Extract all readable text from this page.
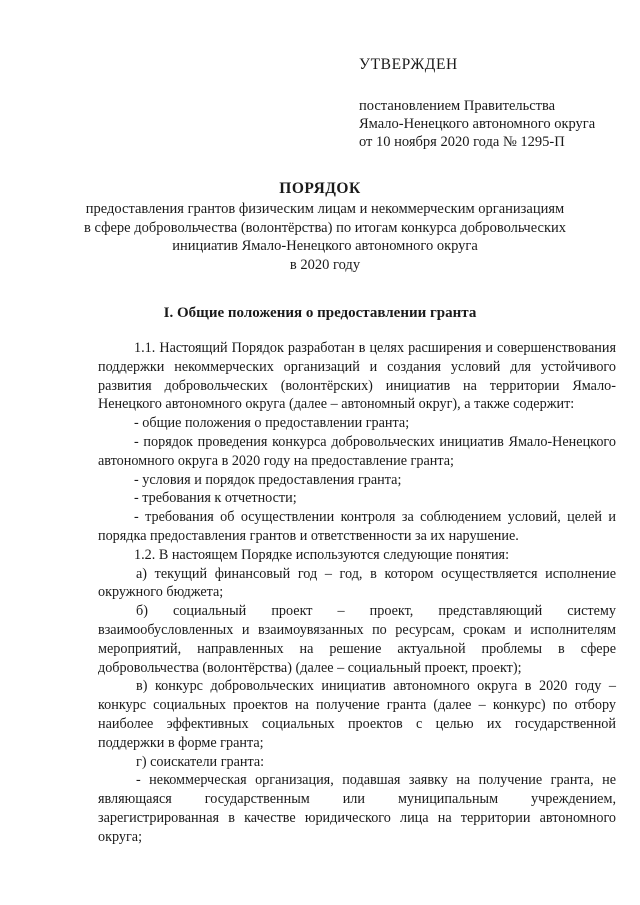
УТВЕРЖДЕН
постановлением Правительства
Ямало-Ненецкого автономного округа
от 10 ноября 2020 года № 1295-П
ПОРЯДОК
предоставления грантов физическим лицам и некоммерческим организациям
в сфере добровольчества (волонтёрства) по итогам конкурса добровольческих
инициатив Ямало-Ненецкого автономного округа
в 2020 году
I. Общие положения о предоставлении гранта

1.1. Настоящий Порядок разработан в целях расширения и совершенствования поддержки некоммерческих организаций и создания условий для устойчивого развития добровольческих (волонтёрских) инициатив на территории Ямало-Ненецкого автономного округа (далее – автономный округ), а также содержит:

- общие положения о предоставлении гранта;

- порядок проведения конкурса добровольческих инициатив Ямало-Ненецкого автономного округа в 2020 году на предоставление гранта;

- условия и порядок предоставления гранта;

- требования к отчетности;

- требования об осуществлении контроля за соблюдением условий, целей и порядка предоставления грантов и ответственности за их нарушение.

1.2. В настоящем Порядке используются следующие понятия:

а) текущий финансовый год – год, в котором осуществляется исполнение окружного бюджета;

б) социальный проект – проект, представляющий систему взаимообусловленных и взаимоувязанных по ресурсам, срокам и исполнителям мероприятий, направленных на решение актуальной проблемы в сфере добровольчества (волонтёрства) (далее – социальный проект, проект);

в) конкурс добровольческих инициатив автономного округа в 2020 году – конкурс социальных проектов на получение гранта (далее – конкурс) по отбору наиболее эффективных социальных проектов с целью их государственной поддержки в форме гранта;

г) соискатели гранта:

- некоммерческая организация, подавшая заявку на получение гранта, не являющаяся государственным или муниципальным учреждением, зарегистрированная в качестве юридического лица на территории автономного округа;
